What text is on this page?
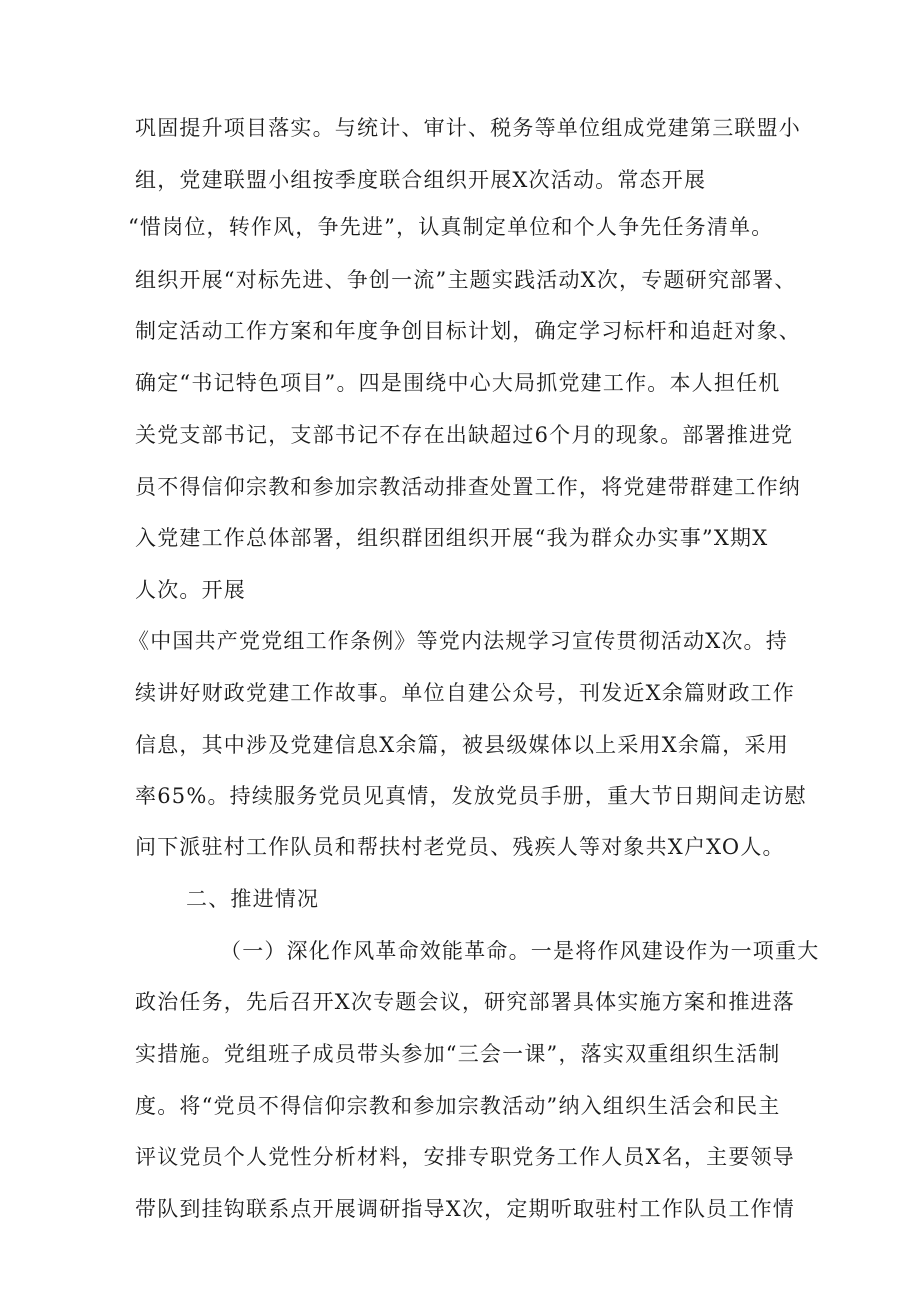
巩固提升项目落实。与统计、审计、税务等单位组成党建第三联盟小
组，党建联盟小组按季度联合组织开展Ⅹ次活动。常态开展
“惜岗位，转作风，争先进”，认真制定单位和个人争先任务清单。
组织开展“对标先进、争创一流”主题实践活动Ⅹ次，专题研究部署、
制定活动工作方案和年度争创目标计划，确定学习标杆和追赶对象、
确定“书记特色项目”。四是围绕中心大局抓党建工作。本人担任机
关党支部书记，支部书记不存在出缺超过6个月的现象。部署推进党
员不得信仰宗教和参加宗教活动排查处置工作，将党建带群建工作纳
入党建工作总体部署，组织群团组织开展“我为群众办实事”Ⅹ期Ⅹ
人次。开展
《中国共产党党组工作条例》等党内法规学习宣传贯彻活动Ⅹ次。持
续讲好财政党建工作故事。单位自建公众号，刊发近Ⅹ余篇财政工作
信息，其中涉及党建信息Ⅹ余篇，被县级媒体以上采用Ⅹ余篇，采用
率65%。持续服务党员见真情，发放党员手册，重大节日期间走访慰
问下派驻村工作队员和帮扶村老党员、残疾人等对象共Ⅹ户XO人。
二、推进情况
（一）深化作风革命效能革命。一是将作风建设作为一项重大
政治任务，先后召开Ⅹ次专题会议，研究部署具体实施方案和推进落
实措施。党组班子成员带头参加“三会一课”，落实双重组织生活制
度。将“党员不得信仰宗教和参加宗教活动”纳入组织生活会和民主
评议党员个人党性分析材料，安排专职党务工作人员Ⅹ名，主要领导
带队到挂钩联系点开展调研指导Ⅹ次，定期听取驻村工作队员工作情
